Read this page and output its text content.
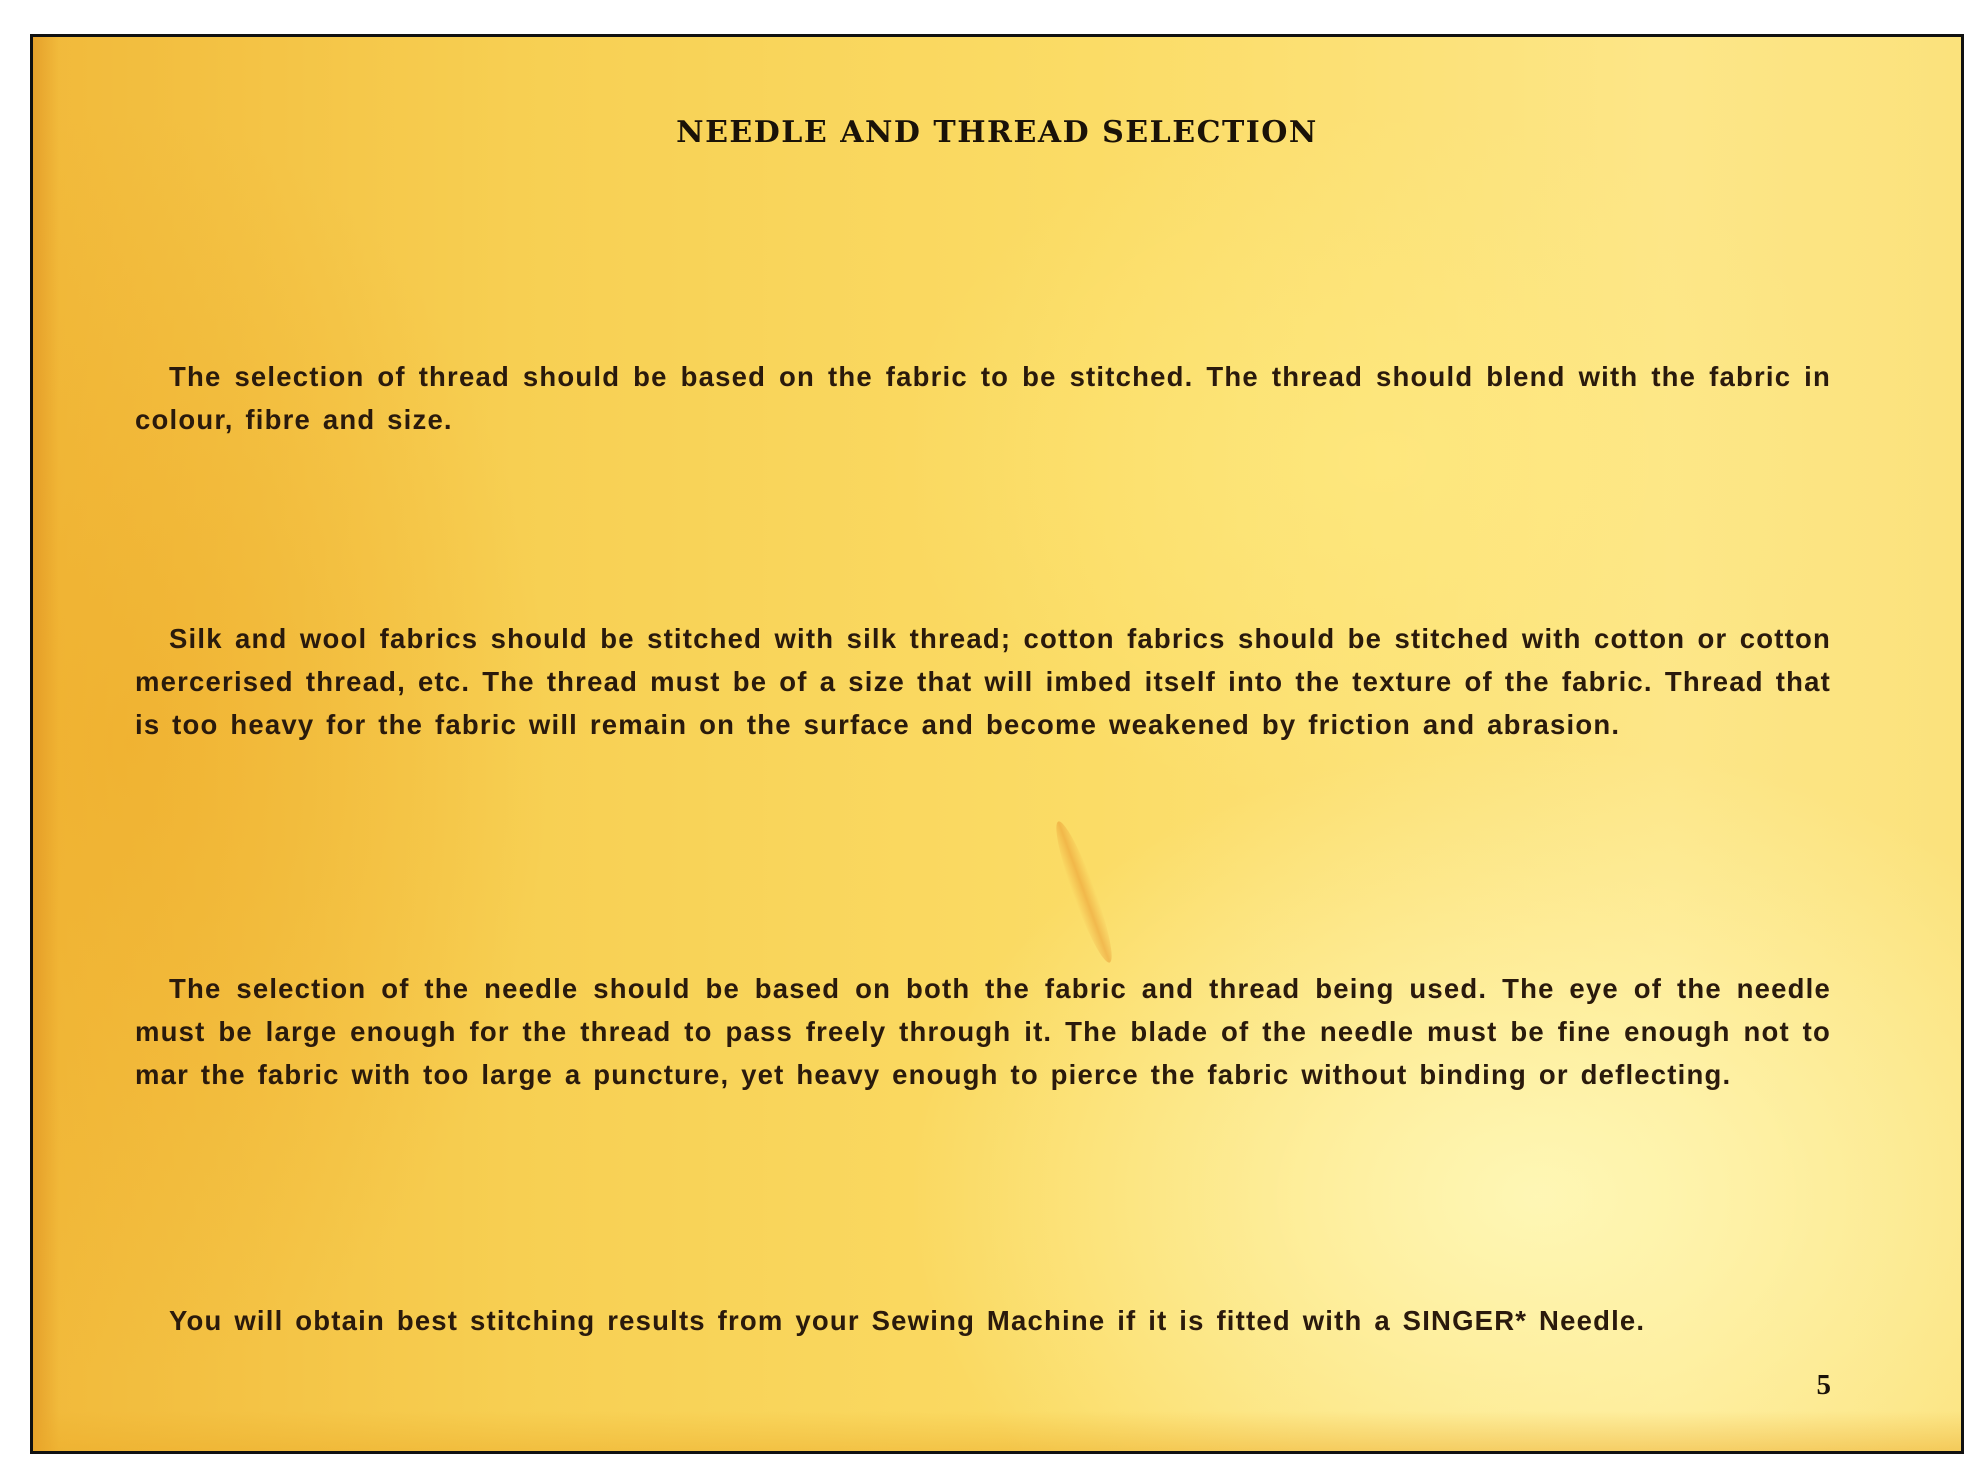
NEEDLE AND THREAD SELECTION

The selection of thread should be based on the fabric to be stitched. The thread should blend with the fabric in colour, fibre and size.

Silk and wool fabrics should be stitched with silk thread; cotton fabrics should be stitched with cotton or cotton mercerised thread, etc. The thread must be of a size that will imbed itself into the texture of the fabric. Thread that is too heavy for the fabric will remain on the surface and become weakened by friction and abrasion.

The selection of the needle should be based on both the fabric and thread being used. The eye of the needle must be large enough for the thread to pass freely through it. The blade of the needle must be fine enough not to mar the fabric with too large a puncture, yet heavy enough to pierce the fabric without binding or deflecting.

You will obtain best stitching results from your Sewing Machine if it is fitted with a SINGER* Needle.

5
